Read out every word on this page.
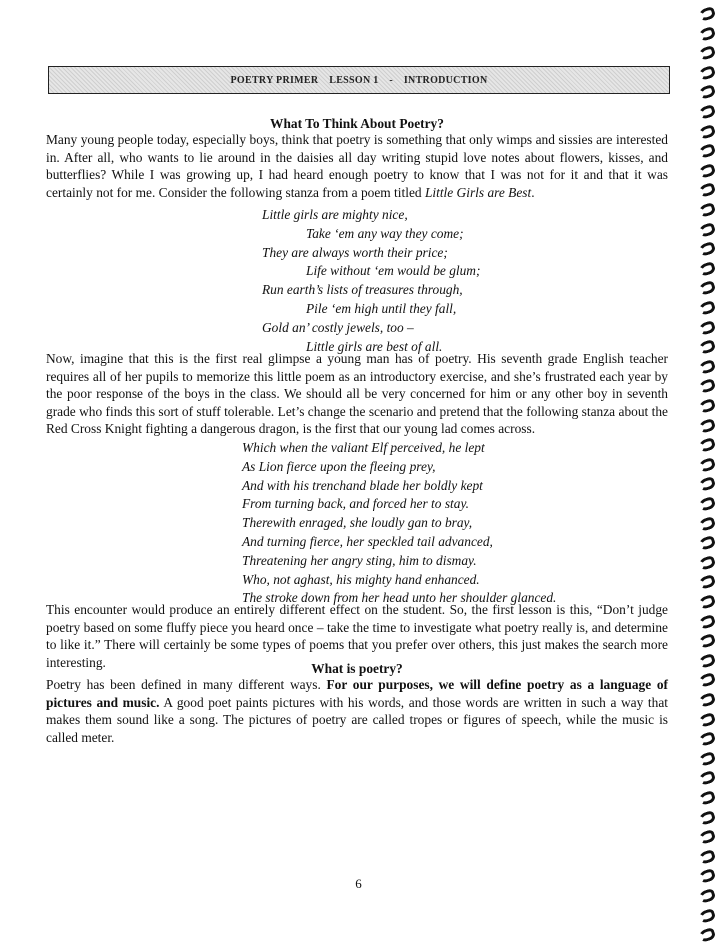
POETRY PRIMER LESSON 1 - INTRODUCTION
What To Think About Poetry?
Many young people today, especially boys, think that poetry is something that only wimps and sissies are interested in. After all, who wants to lie around in the daisies all day writing stupid love notes about flowers, kisses, and butterflies? While I was growing up, I had heard enough poetry to know that I was not for it and that it was certainly not for me. Consider the following stanza from a poem titled Little Girls are Best.
Little girls are mighty nice,
Take ‘em any way they come;
They are always worth their price;
Life without ‘em would be glum;
Run earth’s lists of treasures through,
Pile ‘em high until they fall,
Gold an’ costly jewels, too –
Little girls are best of all.
Now, imagine that this is the first real glimpse a young man has of poetry. His seventh grade English teacher requires all of her pupils to memorize this little poem as an introductory exercise, and she’s frustrated each year by the poor response of the boys in the class. We should all be very concerned for him or any other boy in seventh grade who finds this sort of stuff tolerable. Let’s change the scenario and pretend that the following stanza about the Red Cross Knight fighting a dangerous dragon, is the first that our young lad comes across.
Which when the valiant Elf perceived, he lept
As Lion fierce upon the fleeing prey,
And with his trenchand blade her boldly kept
From turning back, and forced her to stay.
Therewith enraged, she loudly gan to bray,
And turning fierce, her speckled tail advanced,
Threatening her angry sting, him to dismay.
Who, not aghast, his mighty hand enhanced.
The stroke down from her head unto her shoulder glanced.
This encounter would produce an entirely different effect on the student. So, the first lesson is this, “Don’t judge poetry based on some fluffy piece you heard once – take the time to investigate what poetry really is, and determine to like it.” There will certainly be some types of poems that you prefer over others, this just makes the search more interesting.	What is poetry?
Poetry has been defined in many different ways. For our purposes, we will define poetry as a language of pictures and music. A good poet paints pictures with his words, and those words are written in such a way that makes them sound like a song. The pictures of poetry are called tropes or figures of speech, while the music is called meter.
6
